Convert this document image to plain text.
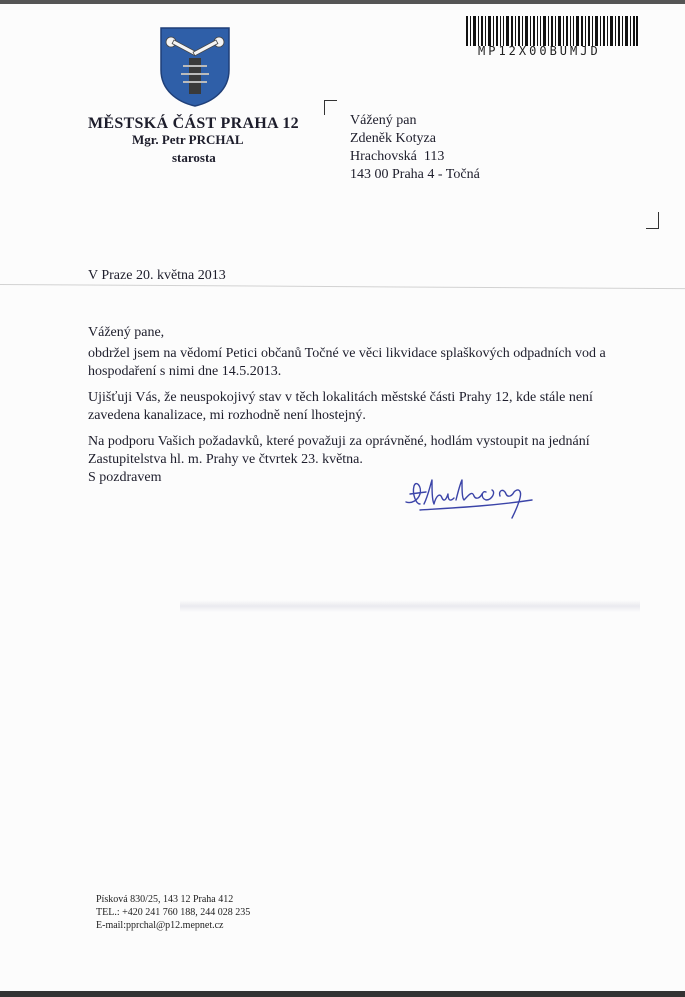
MP12X00BUMJD
MĚSTSKÁ ČÁST PRAHA 12
Mgr. Petr PRCHAL
starosta
Vážený pan
Zdeněk Kotyza
Hrachovská  113
143 00 Praha 4 - Točná
V Praze 20. května 2013

Vážený pane,

obdržel jsem na vědomí Petici občanů Točné ve věci likvidace splaškových odpadních vod a hospodaření s nimi dne 14.5.2013.

Ujišťuji Vás, že neuspokojivý stav v těch lokalitách městské části Prahy 12, kde stále není zavedena kanalizace, mi rozhodně není lhostejný.

Na podporu Vašich požadavků, které považuji za oprávněné, hodlám vystoupit na jednání Zastupitelstva hl. m. Prahy ve čtvrtek 23. května.

S pozdravem
Písková 830/25, 143 12 Praha 412
TEL.: +420 241 760 188, 244 028 235
E-mail:pprchal@p12.mepnet.cz
